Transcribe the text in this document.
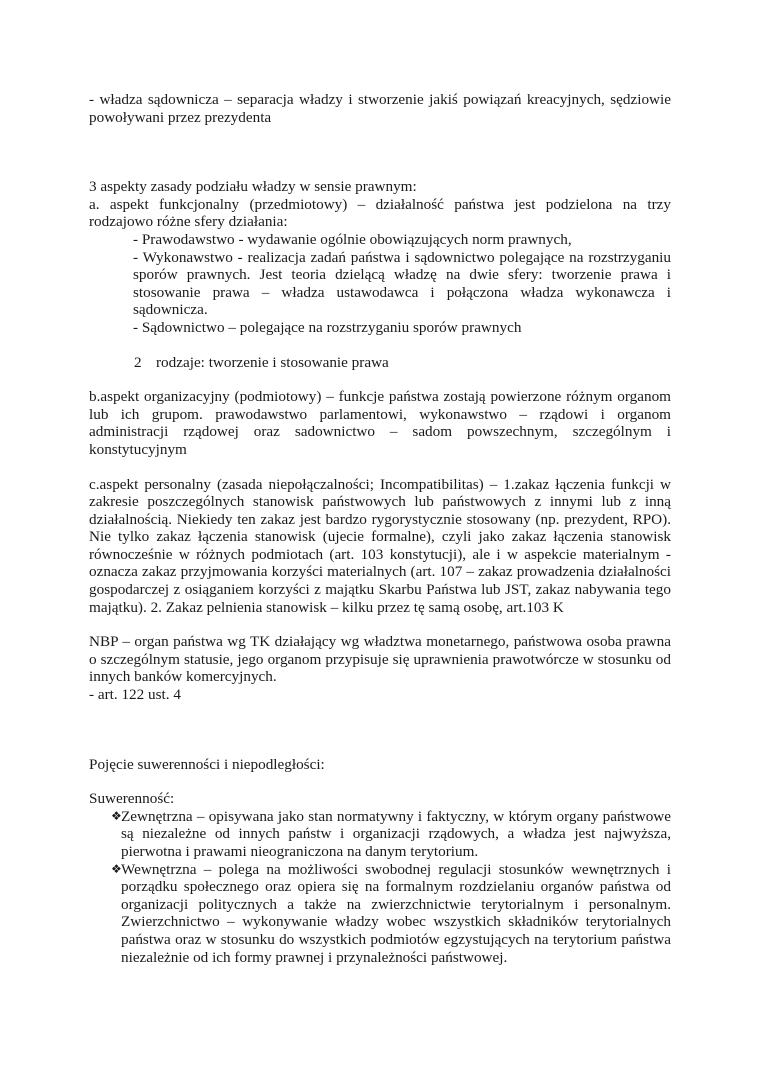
- władza sądownicza – separacja władzy i stworzenie jakiś powiązań kreacyjnych, sędziowie powoływani przez prezydenta

3 aspekty zasady podziału władzy w sensie prawnym:

a. aspekt funkcjonalny (przedmiotowy) – działalność państwa jest podzielona na trzy rodzajowo różne sfery działania:

- Prawodawstwo - wydawanie ogólnie obowiązujących norm prawnych,

- Wykonawstwo - realizacja zadań państwa i sądownictwo polegające na rozstrzyganiu sporów prawnych. Jest teoria dzielącą władzę na dwie sfery: tworzenie prawa i stosowanie prawa – władza ustawodawca i połączona władza wykonawcza i sądownicza.

- Sądownictwo – polegające na rozstrzyganiu sporów prawnych

2 rodzaje: tworzenie i stosowanie prawa

b.aspekt organizacyjny (podmiotowy) – funkcje państwa zostają powierzone różnym organom lub ich grupom. prawodawstwo parlamentowi, wykonawstwo – rządowi i organom administracji rządowej oraz sadownictwo – sadom powszechnym, szczególnym i konstytucyjnym

c.aspekt personalny (zasada niepołączalności; Incompatibilitas) – 1.zakaz łączenia funkcji w zakresie poszczególnych stanowisk państwowych lub państwowych z innymi lub z inną działalnością. Niekiedy ten zakaz jest bardzo rygorystycznie stosowany (np. prezydent, RPO). Nie tylko zakaz łączenia stanowisk (ujecie formalne), czyli jako zakaz łączenia stanowisk równocześnie w różnych podmiotach (art. 103 konstytucji), ale i w aspekcie materialnym - oznacza zakaz przyjmowania korzyści materialnych (art. 107 – zakaz prowadzenia działalności gospodarczej z osiąganiem korzyści z majątku Skarbu Państwa lub JST, zakaz nabywania tego majątku). 2. Zakaz pelnienia stanowisk – kilku przez tę samą osobę, art.103 K

NBP – organ państwa wg TK działający wg władztwa monetarnego, państwowa osoba prawna o szczególnym statusie, jego organom przypisuje się uprawnienia prawotwórcze w stosunku od innych banków komercyjnych.

- art. 122 ust. 4

Pojęcie suwerenności i niepodległości:

Suwerenność:

❖ Zewnętrzna – opisywana jako stan normatywny i faktyczny, w którym organy państwowe są niezależne od innych państw i organizacji rządowych, a władza jest najwyższa, pierwotna i prawami nieograniczona na danym terytorium.

❖ Wewnętrzna – polega na możliwości swobodnej regulacji stosunków wewnętrznych i porządku społecznego oraz opiera się na formalnym rozdzielaniu organów państwa od organizacji politycznych a także na zwierzchnictwie terytorialnym i personalnym. Zwierzchnictwo – wykonywanie władzy wobec wszystkich składników terytorialnych państwa oraz w stosunku do wszystkich podmiotów egzystujących na terytorium państwa niezależnie od ich formy prawnej i przynależności państwowej.
